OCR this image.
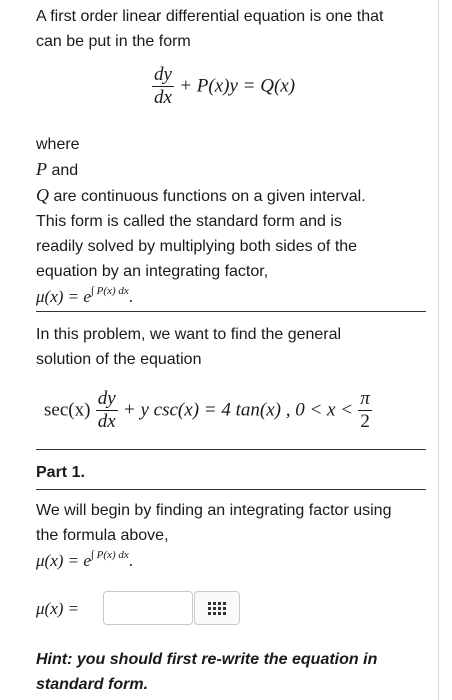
A first order linear differential equation is one that
can be put in the form
$\frac{dy}{dx} + P(x)y = Q(x)$
where
P and
Q are continuous functions on a given interval.
This form is called the standard form and is
readily solved by multiplying both sides of the
equation by an integrating factor,
$\mu(x) = e^{\int P(x) dx}$.
In this problem, we want to find the general
solution of the equation
$\sec(x) \frac{dy}{dx} + y$ csc(x) = 4 tan(x) , $0 < x < \frac{\pi}{2}$
Part 1.
We will begin by finding an integrating factor using
the formula above,
$\mu(x) = e^{\int P(x) dx}$.
μ(x) =
Hint: you should first re-write the equation in
standard form.
